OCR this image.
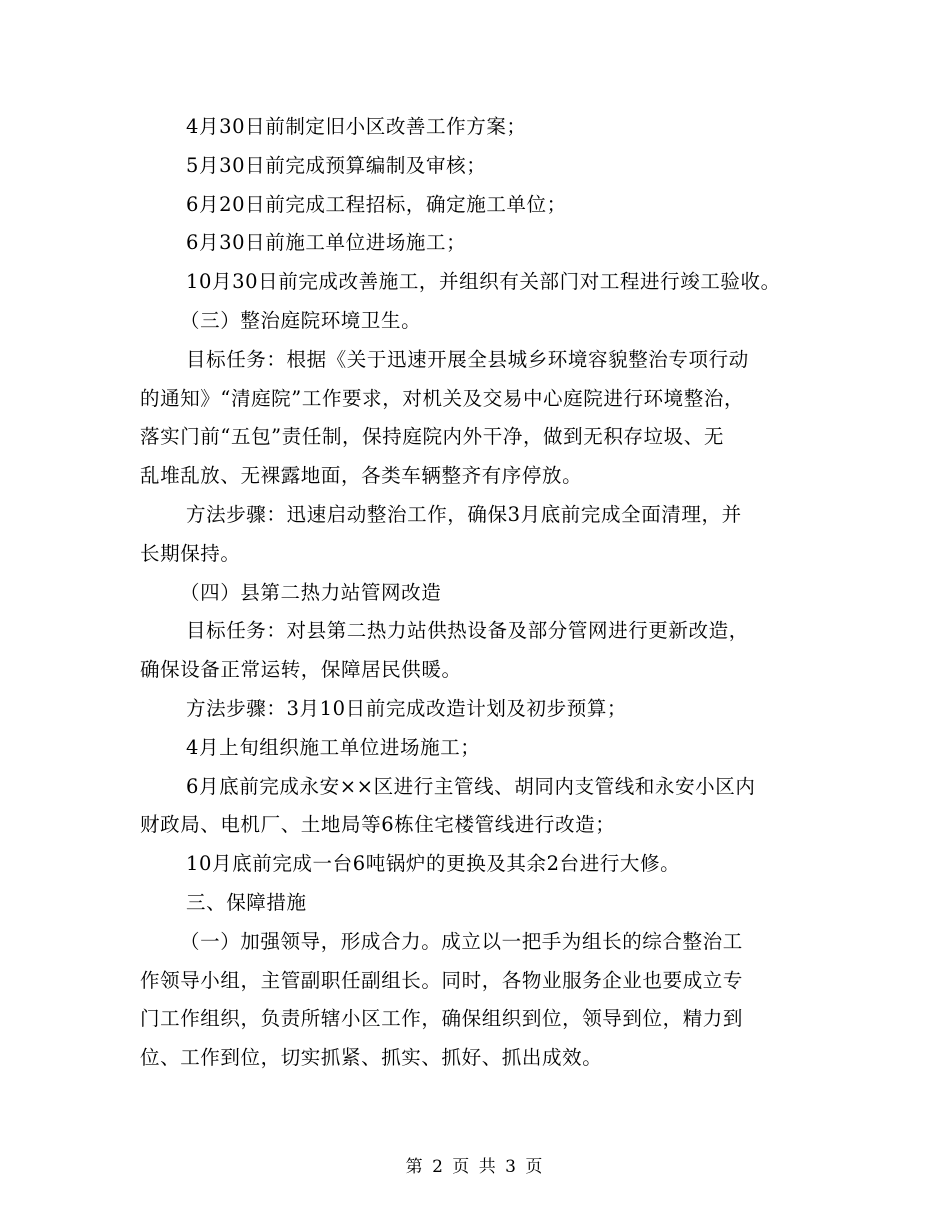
4月30日前制定旧小区改善工作方案；
5月30日前完成预算编制及审核；
6月20日前完成工程招标，确定施工单位；
6月30日前施工单位进场施工；
10月30日前完成改善施工，并组织有关部门对工程进行竣工验收。
（三）整治庭院环境卫生。
目标任务：根据《关于迅速开展全县城乡环境容貌整治专项行动
的通知》“清庭院”工作要求，对机关及交易中心庭院进行环境整治，
落实门前“五包”责任制，保持庭院内外干净，做到无积存垃圾、无
乱堆乱放、无裸露地面，各类车辆整齐有序停放。
方法步骤：迅速启动整治工作，确保3月底前完成全面清理，并
长期保持。
（四）县第二热力站管网改造
目标任务：对县第二热力站供热设备及部分管网进行更新改造，
确保设备正常运转，保障居民供暖。
方法步骤：3月10日前完成改造计划及初步预算；
4月上旬组织施工单位进场施工；
6月底前完成永安××区进行主管线、胡同内支管线和永安小区内
财政局、电机厂、土地局等6栋住宅楼管线进行改造；
10月底前完成一台6吨锅炉的更换及其余2台进行大修。
三、保障措施
（一）加强领导，形成合力。成立以一把手为组长的综合整治工
作领导小组，主管副职任副组长。同时，各物业服务企业也要成立专
门工作组织，负责所辖小区工作，确保组织到位，领导到位，精力到
位、工作到位，切实抓紧、抓实、抓好、抓出成效。
第 2 页 共 3 页
